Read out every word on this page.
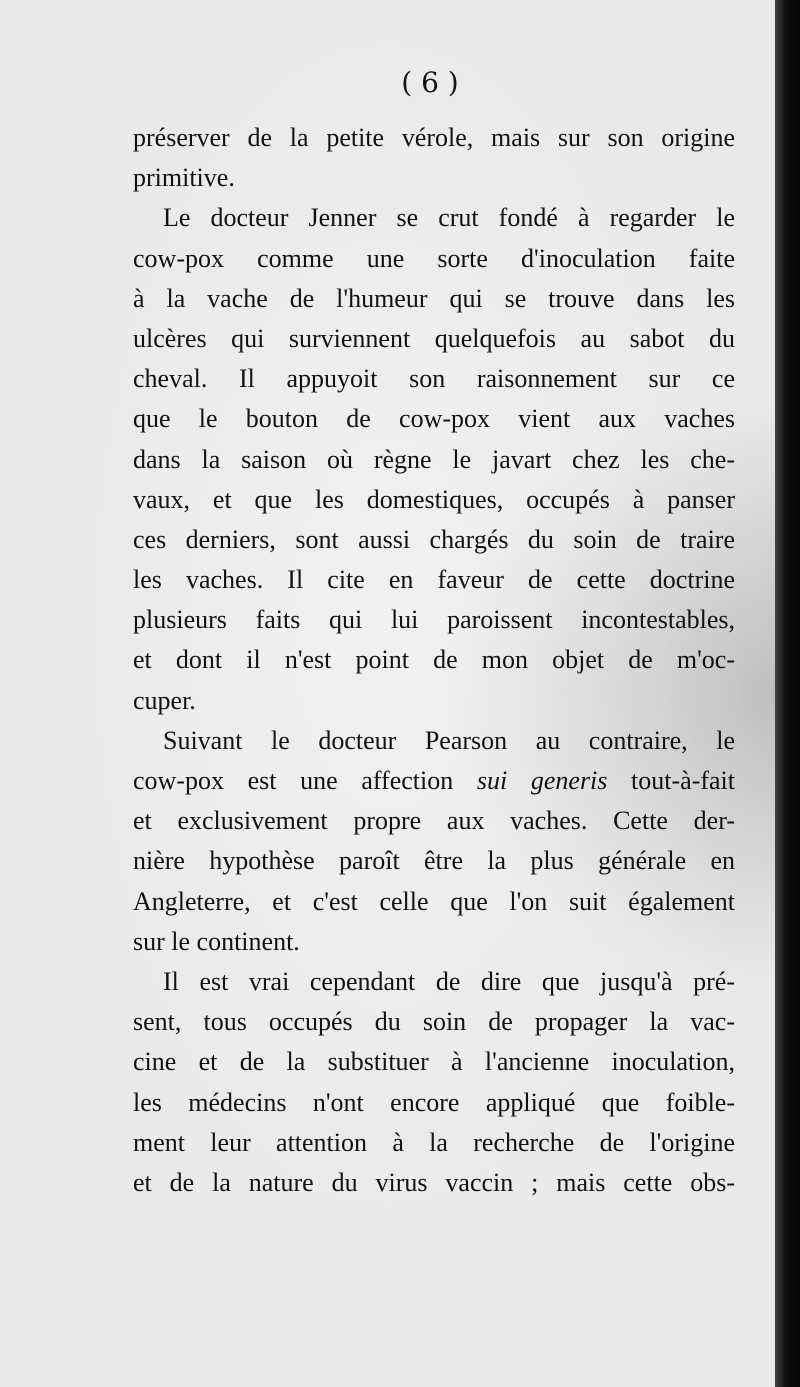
( 6 )
préserver de la petite vérole, mais sur son origine
primitive.
Le docteur Jenner se crut fondé à regarder le
cow-pox comme une sorte d'inoculation faite
à la vache de l'humeur qui se trouve dans les
ulcères qui surviennent quelquefois au sabot du
cheval. Il appuyoit son raisonnement sur ce
que le bouton de cow-pox vient aux vaches
dans la saison où règne le javart chez les che-
vaux, et que les domestiques, occupés à panser
ces derniers, sont aussi chargés du soin de traire
les vaches. Il cite en faveur de cette doctrine
plusieurs faits qui lui paroissent incontestables,
et dont il n'est point de mon objet de m'oc-
cuper.
Suivant le docteur Pearson au contraire, le
cow-pox est une affection sui generis tout-à-fait
et exclusivement propre aux vaches. Cette der-
nière hypothèse paroît être la plus générale en
Angleterre, et c'est celle que l'on suit également
sur le continent.
Il est vrai cependant de dire que jusqu'à pré-
sent, tous occupés du soin de propager la vac-
cine et de la substituer à l'ancienne inoculation,
les médecins n'ont encore appliqué que foible-
ment leur attention à la recherche de l'origine
et de la nature du virus vaccin ; mais cette obs-
